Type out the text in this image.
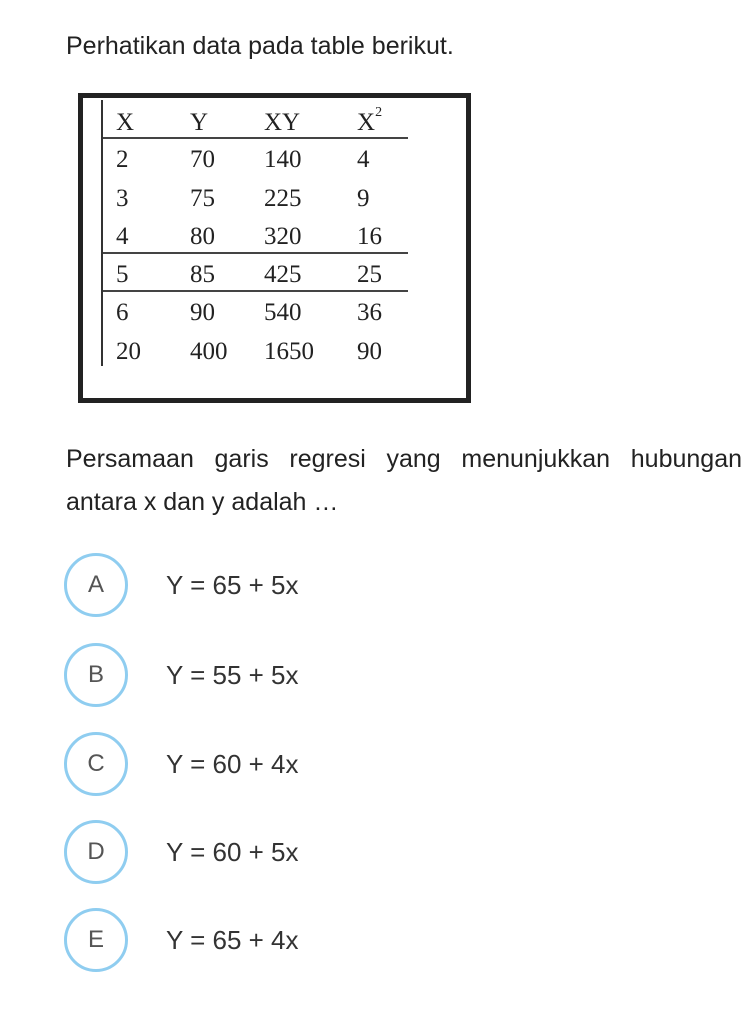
Perhatikan data pada table berikut.
X Y XY $X^2$
2 70 140 4
3 75 225 9
4 80 320 16
5 85 425 25
6 90 540 36
20 400 1650 90
Persamaan garis regresi yang menunjukkan hubungan antara x dan y adalah …
A	Y = 65 + 5x
B	Y = 55 + 5x
C	Y = 60 + 4x
D	Y = 60 + 5x
E	Y = 65 + 4x
